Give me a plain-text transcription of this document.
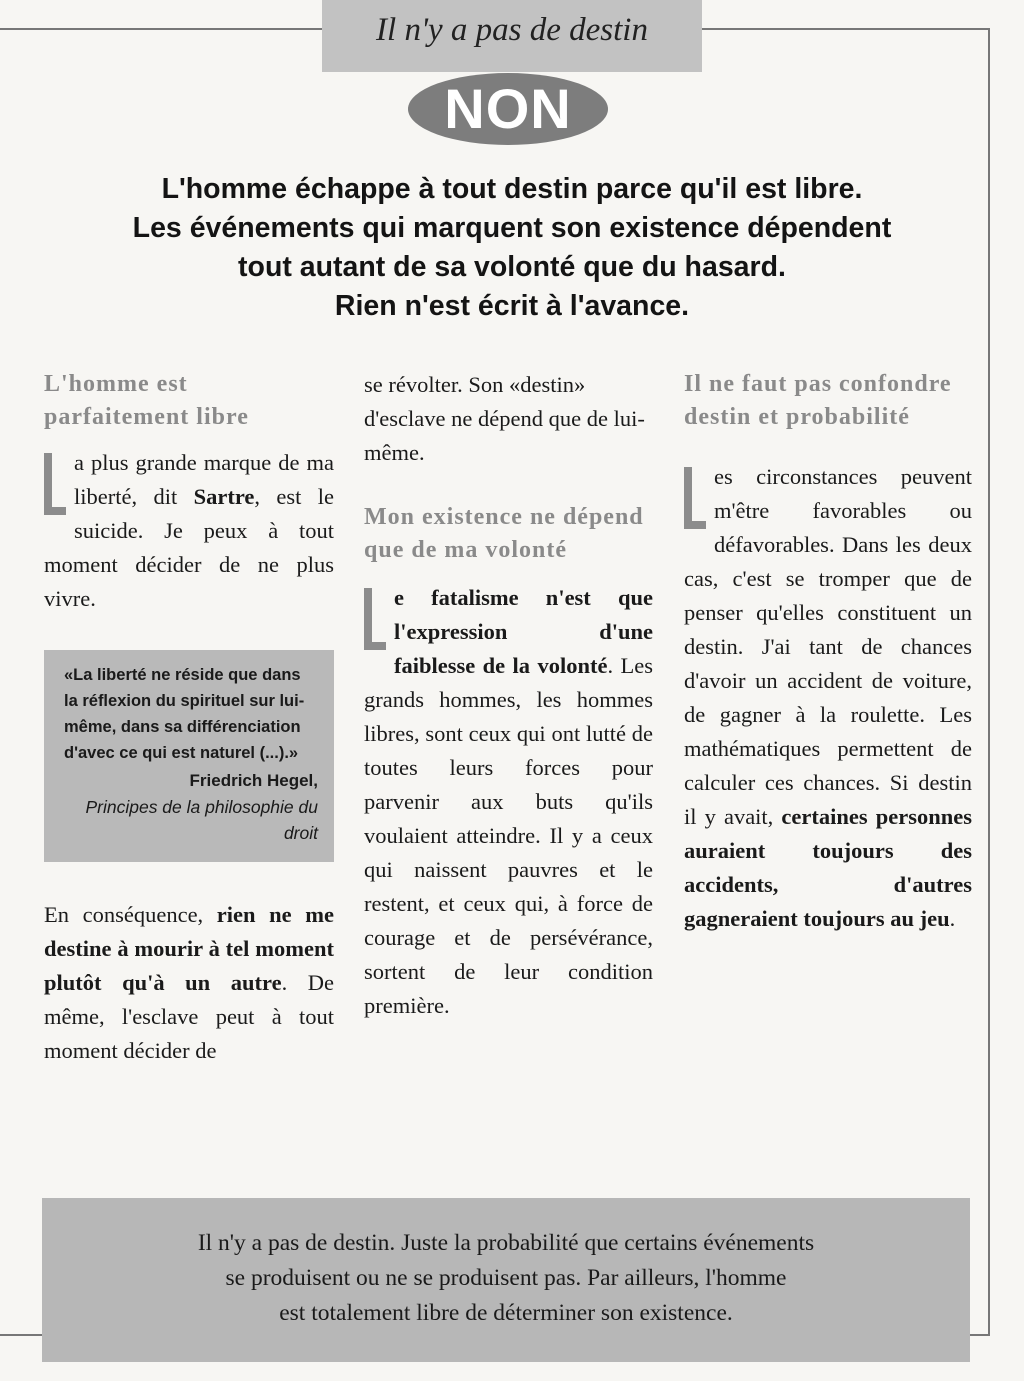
Il n'y a pas de destin
NON
L'homme échappe à tout destin parce qu'il est libre.
Les événements qui marquent son existence dépendent
tout autant de sa volonté que du hasard.
Rien n'est écrit à l'avance.
L'homme est parfaitement libre

a plus grande marque de ma liberté, dit Sartre, est le suicide. Je peux à tout moment décider de ne plus vivre.

«La liberté ne réside que dans la réflexion du spirituel sur lui-même, dans sa différenciation d'avec ce qui est naturel (...).»
Friedrich Hegel,
Principes de la philosophie du droit

En conséquence, rien ne me destine à mourir à tel moment plutôt qu'à un autre. De même, l'esclave peut à tout moment décider de

se révolter. Son «destin» d'esclave ne dépend que de lui-même.

Mon existence ne dépend que de ma volonté

e fatalisme n'est que l'expression d'une faiblesse de la volonté. Les grands hommes, les hommes libres, sont ceux qui ont lutté de toutes leurs forces pour parvenir aux buts qu'ils voulaient atteindre. Il y a ceux qui naissent pauvres et le restent, et ceux qui, à force de courage et de persévérance, sortent de leur condition première.

Il ne faut pas confondre destin et probabilité

es circonstances peuvent m'être favorables ou défavorables. Dans les deux cas, c'est se tromper que de penser qu'elles constituent un destin. J'ai tant de chances d'avoir un accident de voiture, de gagner à la roulette. Les mathématiques permettent de calculer ces chances. Si destin il y avait, certaines personnes auraient toujours des accidents, d'autres gagneraient toujours au jeu.

Il n'y a pas de destin. Juste la probabilité que certains événements
se produisent ou ne se produisent pas. Par ailleurs, l'homme
est totalement libre de déterminer son existence.
